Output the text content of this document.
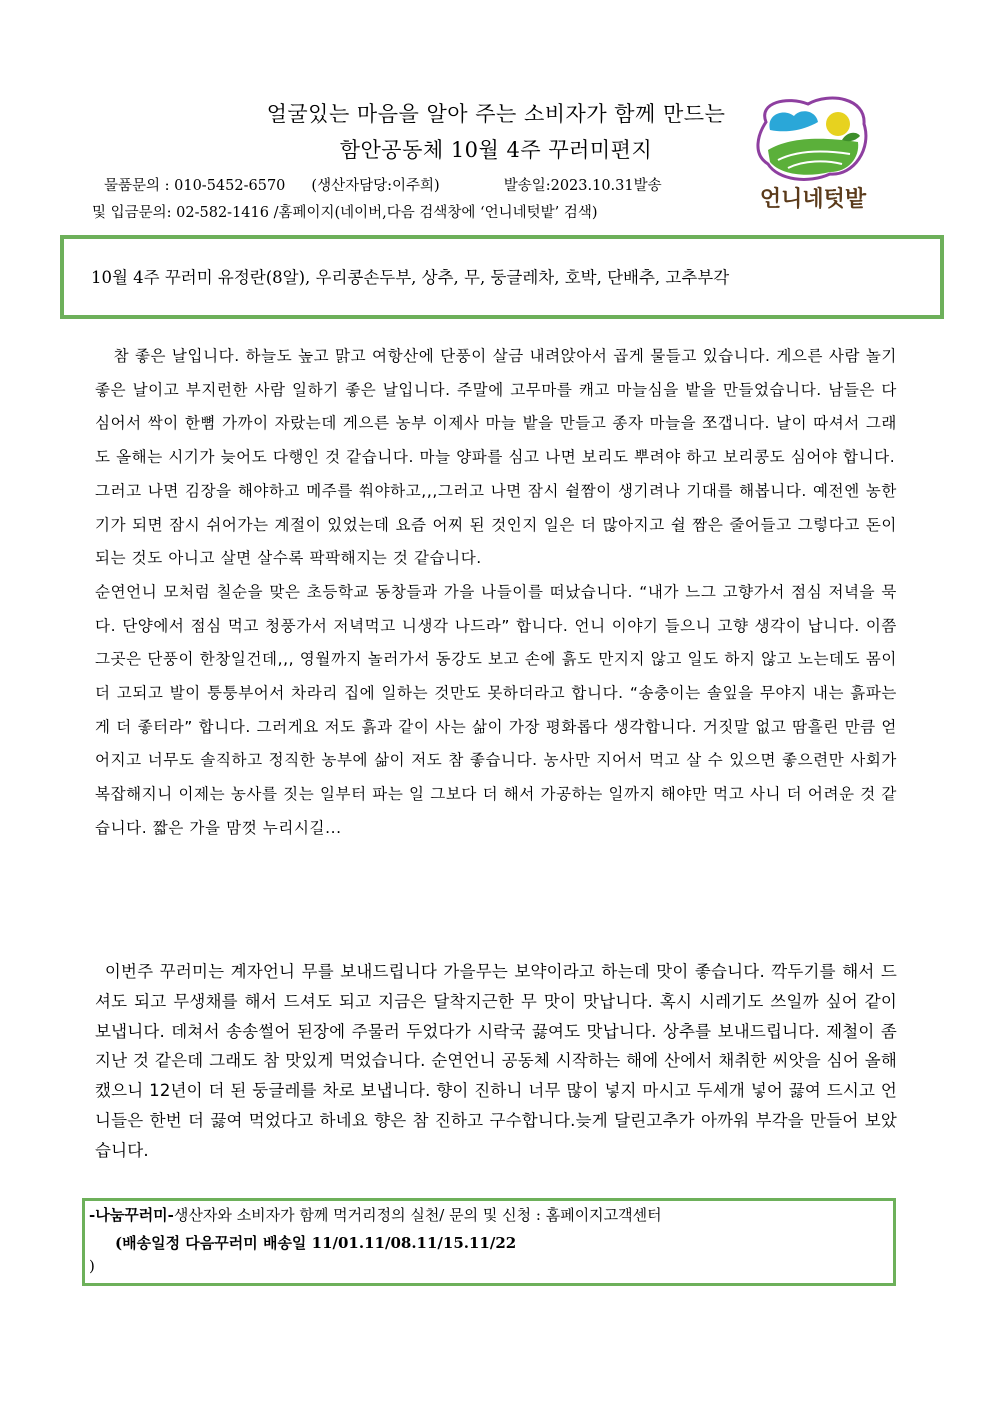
얼굴있는 마음을 알아 주는 소비자가 함께 만드는
함안공동체 10월 4주 꾸러미편지
물품문의 : 010-5452-6570 (생산자담당:이주희)	발송일:2023.10.31발송
및 입금문의: 02-582-1416 /홈페이지(네이버,다음 검색창에 ‘언니네텃밭’ 검색)
언니네텃밭
10월 4주 꾸러미 유정란(8알), 우리콩손두부, 상추, 무, 둥글레차, 호박, 단배추, 고추부각

참 좋은 날입니다. 하늘도 높고 맑고 여항산에 단풍이 살금 내려앉아서 곱게 물들고 있습니다. 게으른 사람 놀기 좋은 날이고 부지런한 사람 일하기 좋은 날입니다. 주말에 고무마를 캐고 마늘심을 밭을 만들었습니다. 남들은 다 심어서 싹이 한뼘 가까이 자랐는데 게으른 농부 이제사 마늘 밭을 만들고 종자 마늘을 쪼갭니다. 날이 따셔서 그래도 올해는 시기가 늦어도 다행인 것 같습니다. 마늘 양파를 심고 나면 보리도 뿌려야 하고 보리콩도 심어야 합니다.

그러고 나면 김장을 해야하고 메주를 쒀야하고,,,그러고 나면 잠시 쉴짬이 생기려나 기대를 해봅니다. 예전엔 농한기가 되면 잠시 쉬어가는 계절이 있었는데 요즘 어찌 된 것인지 일은 더 많아지고 쉴 짬은 줄어들고 그렇다고 돈이 되는 것도 아니고 살면 살수록 팍팍해지는 것 같습니다.

순연언니 모처럼 칠순을 맞은 초등학교 동창들과 가을 나들이를 떠났습니다. “내가 느그 고향가서 점심 저녁을 묵다. 단양에서 점심 먹고 청풍가서 저녁먹고 니생각 나드라” 합니다. 언니 이야기 들으니 고향 생각이 납니다. 이쯤 그곳은 단풍이 한창일건데,,, 영월까지 놀러가서 동강도 보고 손에 흙도 만지지 않고 일도 하지 않고 노는데도 몸이 더 고되고 발이 퉁퉁부어서 차라리 집에 일하는 것만도 못하더라고 합니다. “송충이는 솔잎을 무야지 내는 흙파는게 더 좋터라” 합니다. 그러게요 저도 흙과 같이 사는 삶이 가장 평화롭다 생각합니다. 거짓말 없고 땀흘린 만큼 얻어지고 너무도 솔직하고 정직한 농부에 삶이 저도 참 좋습니다. 농사만 지어서 먹고 살 수 있으면 좋으련만 사회가 복잡해지니 이제는 농사를 짓는 일부터 파는 일 그보다 더 해서 가공하는 일까지 해야만 먹고 사니 더 어려운 것 같습니다. 짧은 가을 맘껏 누리시길...

이번주 꾸러미는 계자언니 무를 보내드립니다 가을무는 보약이라고 하는데 맛이 좋습니다. 깍두기를 해서 드셔도 되고 무생채를 해서 드셔도 되고 지금은 달착지근한 무 맛이 맛납니다. 혹시 시레기도 쓰일까 싶어 같이 보냅니다. 데쳐서 송송썰어 된장에 주물러 두었다가 시락국 끓여도 맛납니다. 상추를 보내드립니다. 제철이 좀 지난 것 같은데 그래도 참 맛있게 먹었습니다. 순연언니 공동체 시작하는 해에 산에서 채취한 씨앗을 심어 올해 캤으니 12년이 더 된 둥글레를 차로 보냅니다. 향이 진하니 너무 많이 넣지 마시고 두세개 넣어 끓여 드시고 언니들은 한번 더 끓여 먹었다고 하네요 향은 참 진하고 구수합니다.늦게 달린고추가 아까워 부각을 만들어 보았습니다.

-나눔꾸러미-생산자와 소비자가 함께 먹거리정의 실천/ 문의 및 신청 : 홈페이지고객센터
(배송일정 다음꾸러미 배송일 11/01.11/08.11/15.11/22
)
